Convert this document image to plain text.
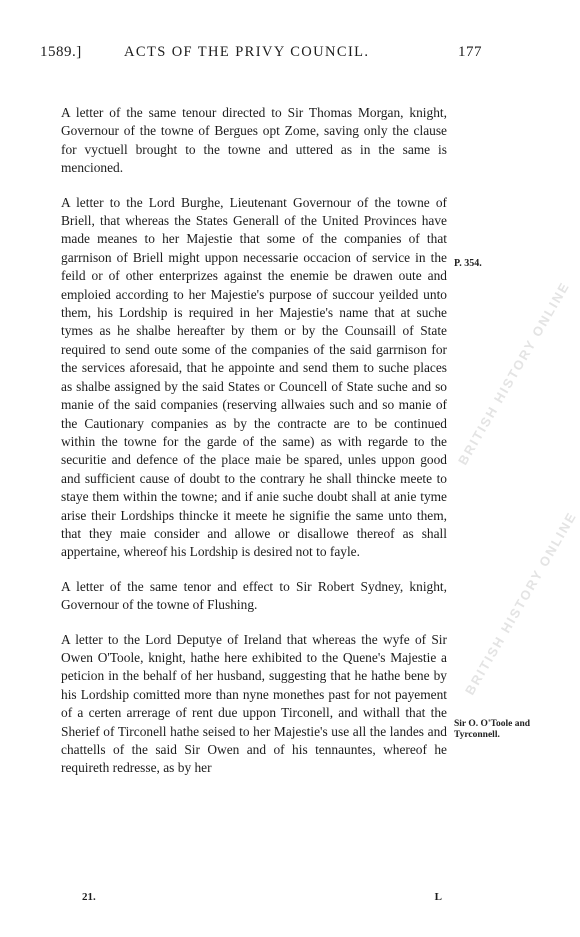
1589.]	ACTS OF THE PRIVY COUNCIL.	177

A letter of the same tenour directed to Sir Thomas Morgan, knight, Governour of the towne of Bergues opt Zome, saving only the clause for vyctuell brought to the towne and uttered as in the same is mencioned.

A letter to the Lord Burghe, Lieutenant Governour of the towne of Briell, that whereas the States Generall of the United Provinces have made meanes to her Majestie that some of the companies of that garrnison of Briell might uppon necessarie occacion of service in the feild or of other enterprizes against the enemie be drawen oute and emploied according to her Majestie's purpose of succour yeilded unto them, his Lordship is required in her Majestie's name that at suche tymes as he shalbe hereafter by them or by the Counsaill of State required to send oute some of the companies of the said garrnison for the services aforesaid, that he appointe and send them to suche places as shalbe assigned by the said States or Councell of State suche and so manie of the said companies (reserving allwaies such and so manie of the Cautionary companies as by the contracte are to be continued within the towne for the garde of the same) as with regarde to the securitie and defence of the place maie be spared, unles uppon good and sufficient cause of doubt to the contrary he shall thincke meete to staye them within the towne; and if anie suche doubt shall at anie tyme arise their Lordships thincke it meete he signifie the same unto them, that they maie consider and allowe or disallowe thereof as shall appertaine, whereof his Lordship is desired not to fayle.

A letter of the same tenor and effect to Sir Robert Sydney, knight, Governour of the towne of Flushing.

A letter to the Lord Deputye of Ireland that whereas the wyfe of Sir Owen O'Toole, knight, hathe here exhibited to the Quene's Majestie a peticion in the behalf of her husband, suggesting that he hathe bene by his Lordship comitted more than nyne monethes past for not payement of a certen arrerage of rent due uppon Tirconell, and withall that the Sherief of Tirconell hathe seised to her Majestie's use all the landes and chattells of the said Sir Owen and of his tennauntes, whereof he requireth redresse, as by her

P. 354.
Sir O. O'Toole and Tyrconnell.
BRITISH HISTORY ONLINE
BRITISH HISTORY ONLINE
21.	L
